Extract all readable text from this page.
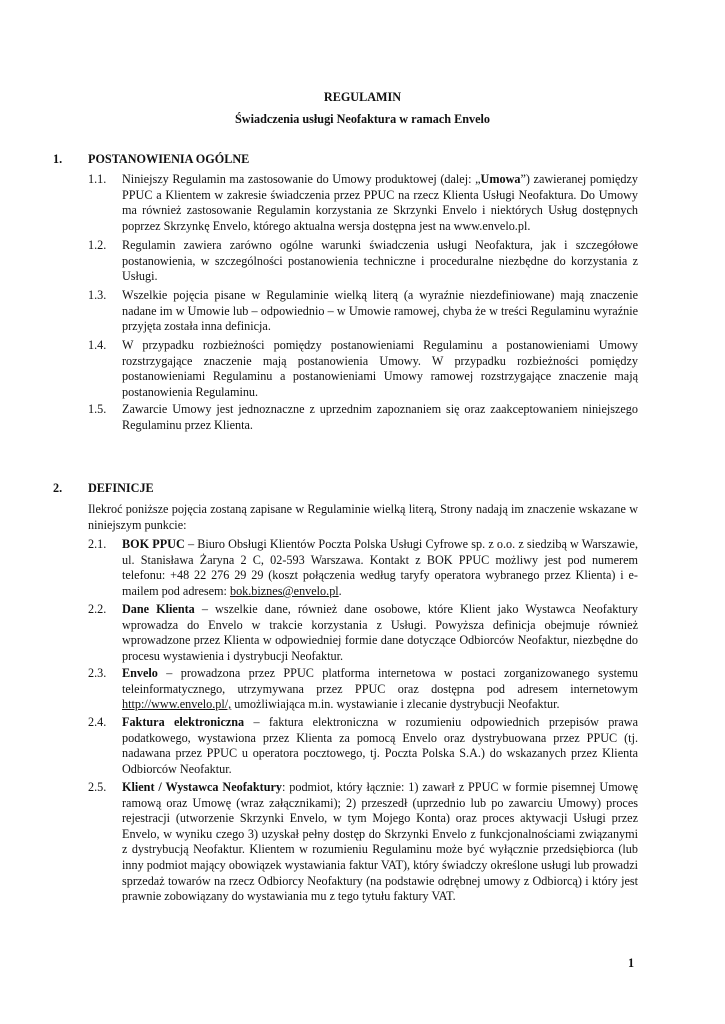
REGULAMIN
Świadczenia usługi Neofaktura w ramach Envelo
1. POSTANOWIENIA OGÓLNE
1.1. Niniejszy Regulamin ma zastosowanie do Umowy produktowej (dalej: „Umowa”) zawieranej pomiędzy PPUC a Klientem w zakresie świadczenia przez PPUC na rzecz Klienta Usługi Neofaktura. Do Umowy ma również zastosowanie Regulamin korzystania ze Skrzynki Envelo i niektórych Usług dostępnych poprzez Skrzynkę Envelo, którego aktualna wersja dostępna jest na www.envelo.pl.
1.2. Regulamin zawiera zarówno ogólne warunki świadczenia usługi Neofaktura, jak i szczegółowe postanowienia, w szczególności postanowienia techniczne i proceduralne niezbędne do korzystania z Usługi.
1.3. Wszelkie pojęcia pisane w Regulaminie wielką literą (a wyraźnie niezdefiniowane) mają znaczenie nadane im w Umowie lub – odpowiednio – w Umowie ramowej, chyba że w treści Regulaminu wyraźnie przyjęta została inna definicja.
1.4. W przypadku rozbieżności pomiędzy postanowieniami Regulaminu a postanowieniami Umowy rozstrzygające znaczenie mają postanowienia Umowy. W przypadku rozbieżności pomiędzy postanowieniami Regulaminu a postanowieniami Umowy ramowej rozstrzygające znaczenie mają postanowienia Regulaminu.
1.5. Zawarcie Umowy jest jednoznaczne z uprzednim zapoznaniem się oraz zaakceptowaniem niniejszego Regulaminu przez Klienta.
2. DEFINICJE
Ilekroć poniższe pojęcia zostaną zapisane w Regulaminie wielką literą, Strony nadają im znaczenie wskazane w niniejszym punkcie:
2.1. BOK PPUC – Biuro Obsługi Klientów Poczta Polska Usługi Cyfrowe sp. z o.o. z siedzibą w Warszawie, ul. Stanisława Żaryna 2 C, 02-593 Warszawa. Kontakt z BOK PPUC możliwy jest pod numerem telefonu: +48 22 276 29 29 (koszt połączenia według taryfy operatora wybranego przez Klienta) i e-mailem pod adresem: bok.biznes@envelo.pl.
2.2. Dane Klienta – wszelkie dane, również dane osobowe, które Klient jako Wystawca Neofaktury wprowadza do Envelo w trakcie korzystania z Usługi. Powyższa definicja obejmuje również wprowadzone przez Klienta w odpowiedniej formie dane dotyczące Odbiorców Neofaktur, niezbędne do procesu wystawienia i dystrybucji Neofaktur.
2.3. Envelo – prowadzona przez PPUC platforma internetowa w postaci zorganizowanego systemu teleinformatycznego, utrzymywana przez PPUC oraz dostępna pod adresem internetowym http://www.envelo.pl/, umożliwiająca m.in. wystawianie i zlecanie dystrybucji Neofaktur.
2.4. Faktura elektroniczna – faktura elektroniczna w rozumieniu odpowiednich przepisów prawa podatkowego, wystawiona przez Klienta za pomocą Envelo oraz dystrybuowana przez PPUC (tj. nadawana przez PPUC u operatora pocztowego, tj. Poczta Polska S.A.) do wskazanych przez Klienta Odbiorców Neofaktur.
2.5. Klient / Wystawca Neofaktury: podmiot, który łącznie: 1) zawarł z PPUC w formie pisemnej Umowę ramową oraz Umowę (wraz załącznikami); 2) przeszedł (uprzednio lub po zawarciu Umowy) proces rejestracji (utworzenie Skrzynki Envelo, w tym Mojego Konta) oraz proces aktywacji Usługi przez Envelo, w wyniku czego 3) uzyskał pełny dostęp do Skrzynki Envelo z funkcjonalnościami związanymi z dystrybucją Neofaktur. Klientem w rozumieniu Regulaminu może być wyłącznie przedsiębiorca (lub inny podmiot mający obowiązek wystawiania faktur VAT), który świadczy określone usługi lub prowadzi sprzedaż towarów na rzecz Odbiorcy Neofaktury (na podstawie odrębnej umowy z Odbiorcą) i który jest prawnie zobowiązany do wystawiania mu z tego tytułu faktury VAT.
1
